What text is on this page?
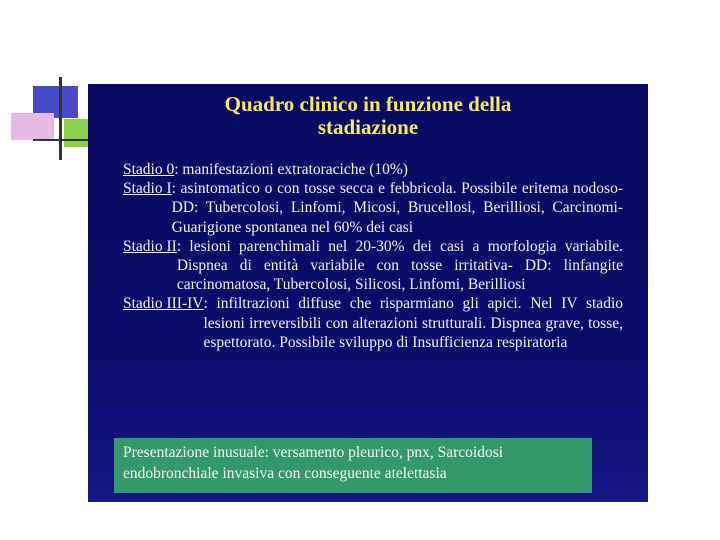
Quadro clinico in funzione della
stadiazione
Stadio 0 : manifestazioni extratoraciche (10%)
Stadio I : asintomatico o con tosse secca e febbricola. Possibile eritema nodoso- DD: Tubercolosi, Linfomi, Micosi, Brucellosi, Berilliosi, Carcinomi- Guarigione spontanea nel 60% dei casi
Stadio II : lesioni parenchimali nel 20-30% dei casi a morfologia variabile. Dispnea di entità variabile con tosse irritativa- DD: linfangite carcinomatosa, Tubercolosi, Silicosi, Linfomi, Berilliosi
Stadio III-IV : infiltrazioni diffuse che risparmiano gli apici. Nel IV stadio lesioni irreversibili con alterazioni strutturali. Dispnea grave, tosse, espettorato. Possibile sviluppo di Insufficienza respiratoria
Presentazione inusuale: versamento pleurico, pnx, Sarcoidosi
endobronchiale invasiva con conseguente atelettasia
